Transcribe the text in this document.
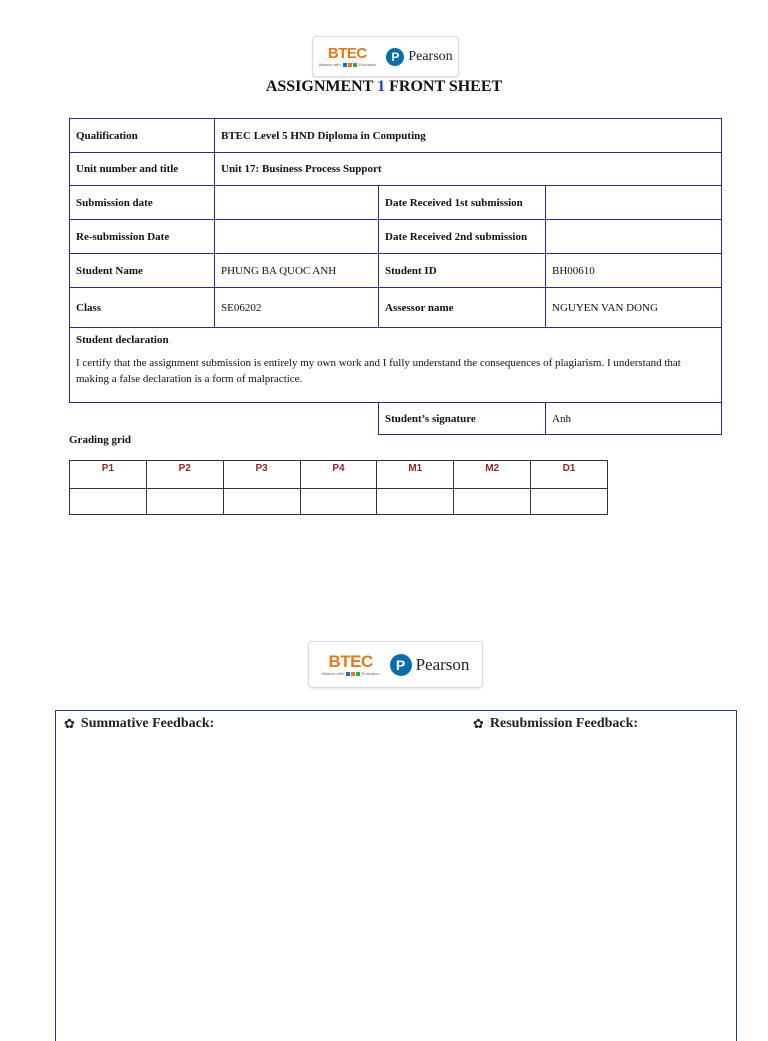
BTEC
Alliance with	Education
P Pearson
ASSIGNMENT 1 FRONT SHEET
Qualification	BTEC Level 5 HND Diploma in Computing		
Unit number and title	Unit 17: Business Process Support		
Submission date		Date Received 1st submission	
Re-submission Date		Date Received 2nd submission	
Student Name	PHUNG BA QUOC ANH	Student ID	BH00610
Class	SE06202	Assessor name	NGUYEN VAN DONG

Student declaration
I certify that the assignment submission is entirely my own work and I fully understand the consequences of plagiarism. I understand that making a false declaration is a form of malpractice.			

		Student’s signature	Anh
Grading grid
P1	P2	P3	P4	M1	M2	D1

BTEC
Alliance with	Education
P Pearson
✿ Summative Feedback:	✿ Resubmission Feedback:
